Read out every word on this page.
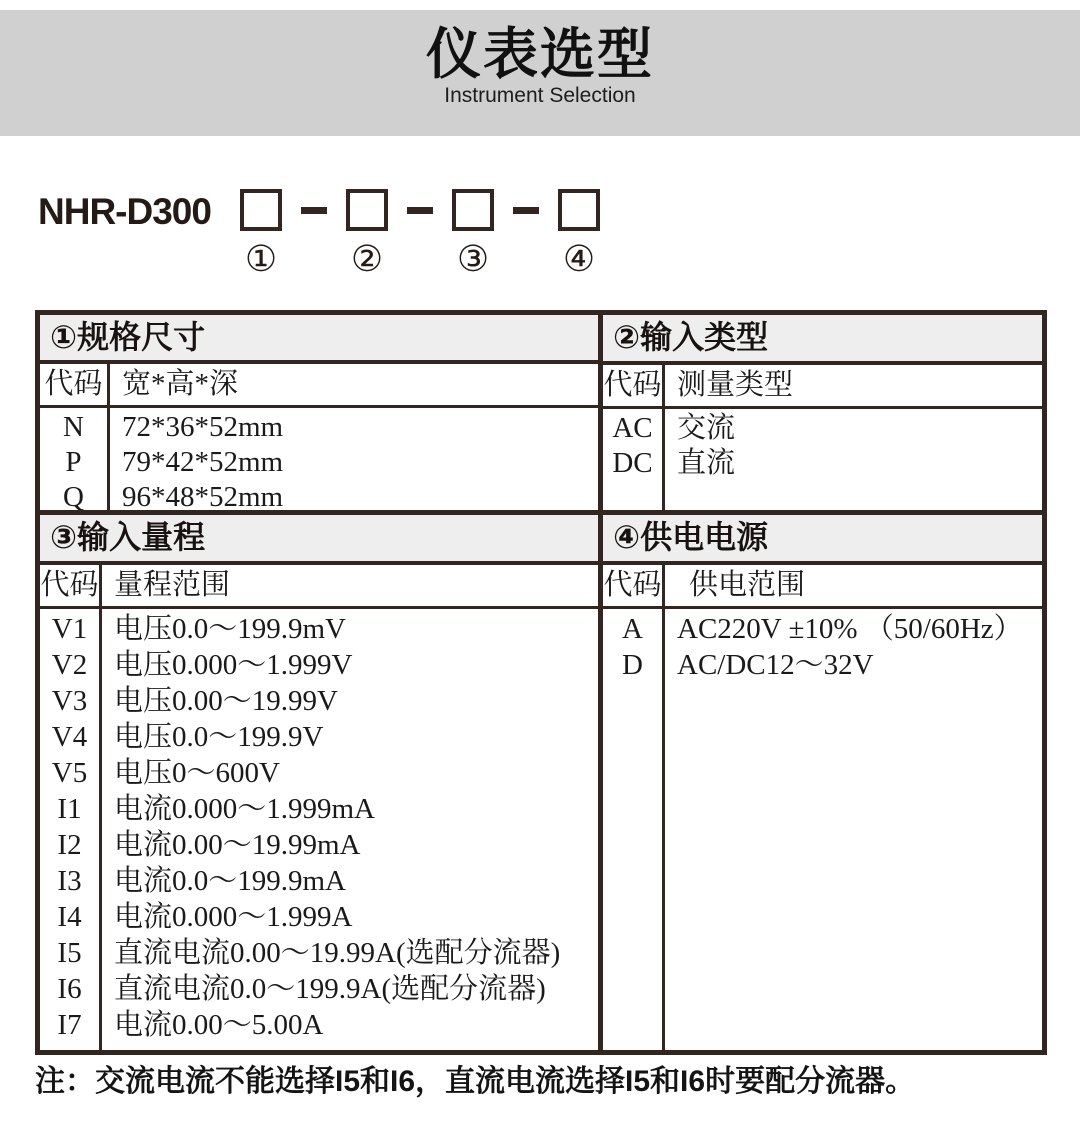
仪表选型
Instrument Selection
NHR-D300
① ② ③ ④
①规格尺寸
代码 宽*高*深
N
P
Q
72*36*52mm
79*42*52mm
96*48*52mm
②输入类型
代码 测量类型
AC
DC
交流
直流
③输入量程
代码 量程范围
V1
V2
V3
V4
V5
I1
I2
I3
I4
I5
I6
I7
电压0.0～199.9mV
电压0.000～1.999V
电压0.00～19.99V
电压0.0～199.9V
电压0～600V
电流0.000～1.999mA
电流0.00～19.99mA
电流0.0～199.9mA
电流0.000～1.999A
直流电流0.00～19.99A(选配分流器)
直流电流0.0～199.9A(选配分流器)
电流0.00～5.00A
④供电电源
代码 供电范围
A
D
AC220V ±10% （50/60Hz）
AC/DC12～32V
注：交流电流不能选择I5和I6，直流电流选择I5和I6时要配分流器。
